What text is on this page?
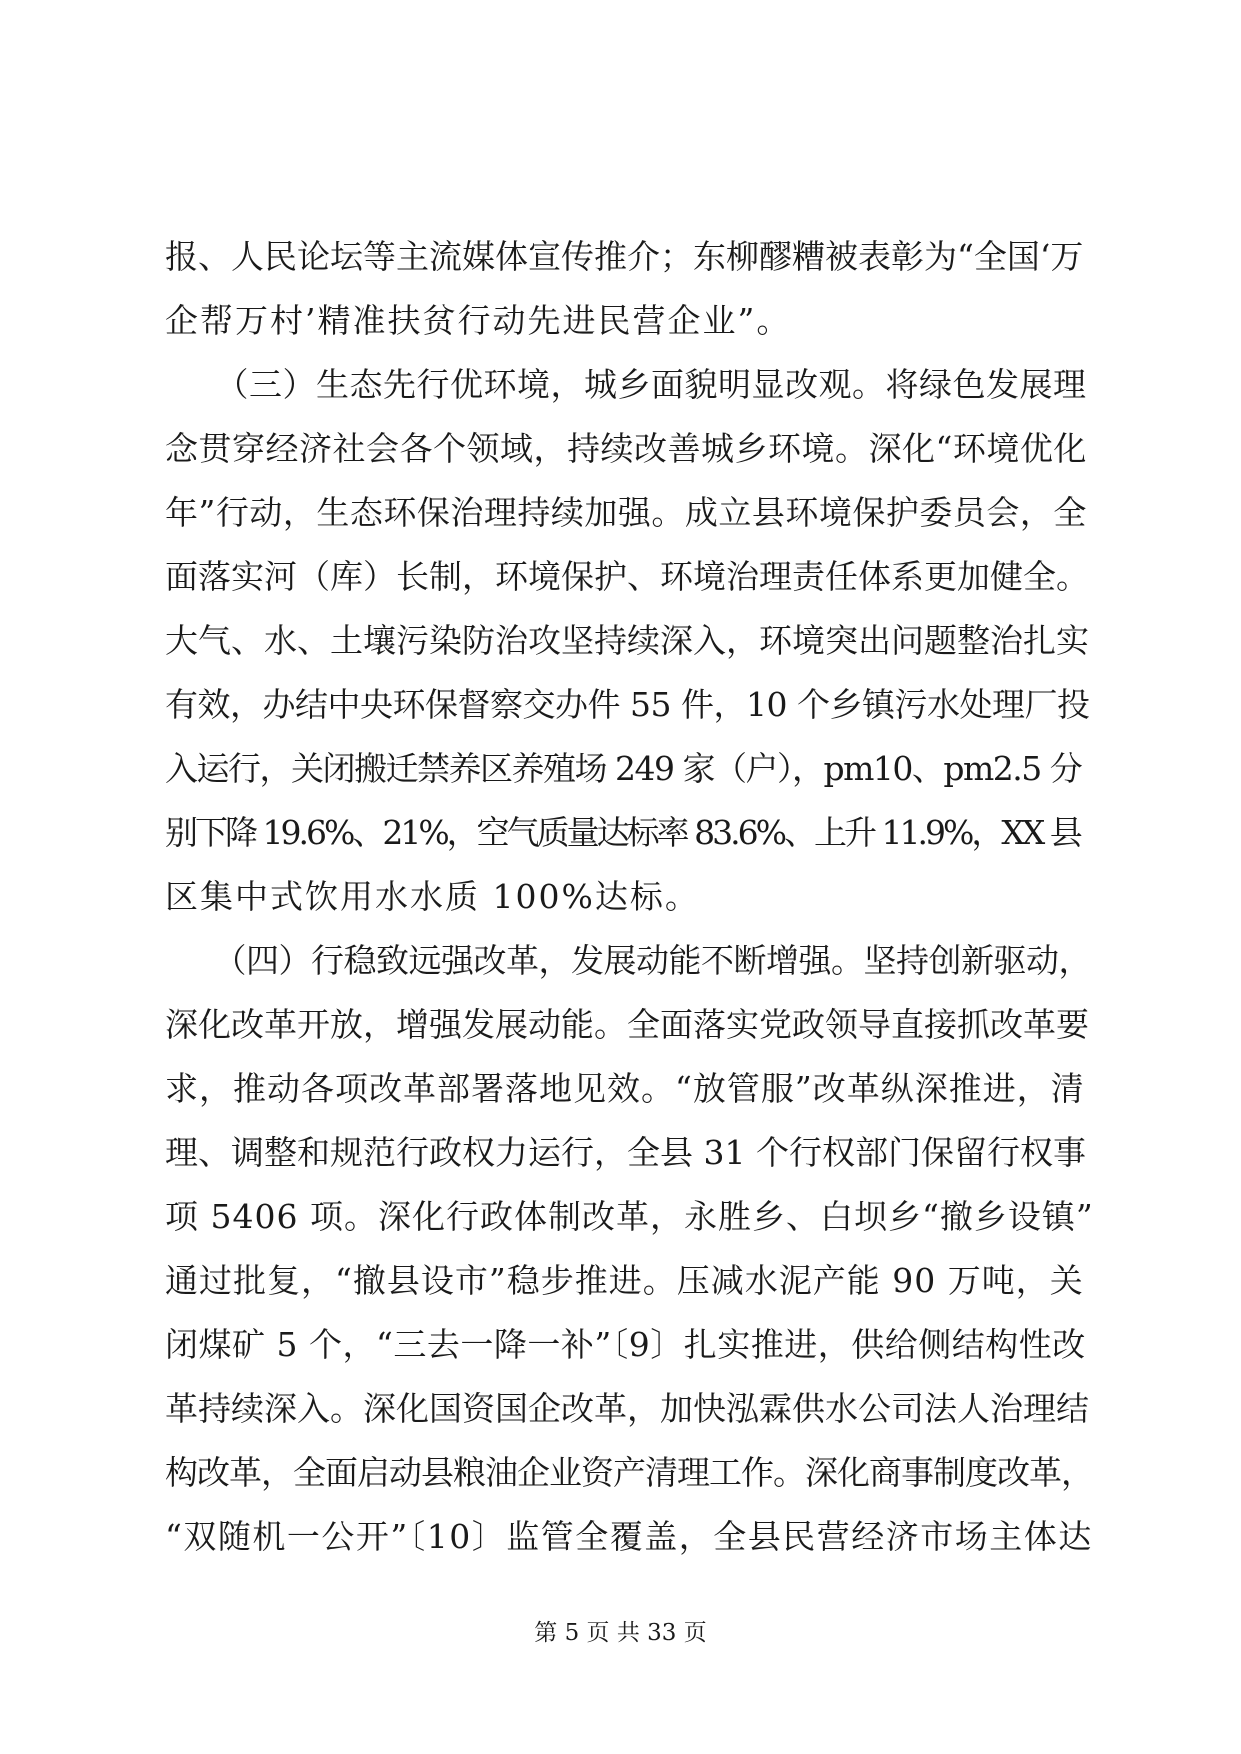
报、人民论坛等主流媒体宣传推介；东柳醪糟被表彰为“全国‘万
企帮万村’精准扶贫行动先进民营企业”。
　　（三）生态先行优环境，城乡面貌明显改观。将绿色发展理
念贯穿经济社会各个领域，持续改善城乡环境。深化“环境优化
年”行动，生态环保治理持续加强。成立县环境保护委员会，全
面落实河（库）长制，环境保护、环境治理责任体系更加健全。
大气、水、土壤污染防治攻坚持续深入，环境突出问题整治扎实
有效，办结中央环保督察交办件 55 件，10 个乡镇污水处理厂投
入运行，关闭搬迁禁养区养殖场 249 家（户），pm10、pm2.5 分
别下降 19.6%、21%，空气质量达标率 83.6%、上升 11.9%，XX 县
区集中式饮用水水质 100%达标。
　　（四）行稳致远强改革，发展动能不断增强。坚持创新驱动，
深化改革开放，增强发展动能。全面落实党政领导直接抓改革要
求，推动各项改革部署落地见效。“放管服”改革纵深推进，清
理、调整和规范行政权力运行，全县 31 个行权部门保留行权事
项 5406 项。深化行政体制改革，永胜乡、白坝乡“撤乡设镇”
通过批复，“撤县设市”稳步推进。压减水泥产能 90 万吨，关
闭煤矿 5 个，“三去一降一补”〔9〕扎实推进，供给侧结构性改
革持续深入。深化国资国企改革，加快泓霖供水公司法人治理结
构改革，全面启动县粮油企业资产清理工作。深化商事制度改革，
“双随机一公开”〔10〕监管全覆盖，全县民营经济市场主体达
第 5 页 共 33 页
